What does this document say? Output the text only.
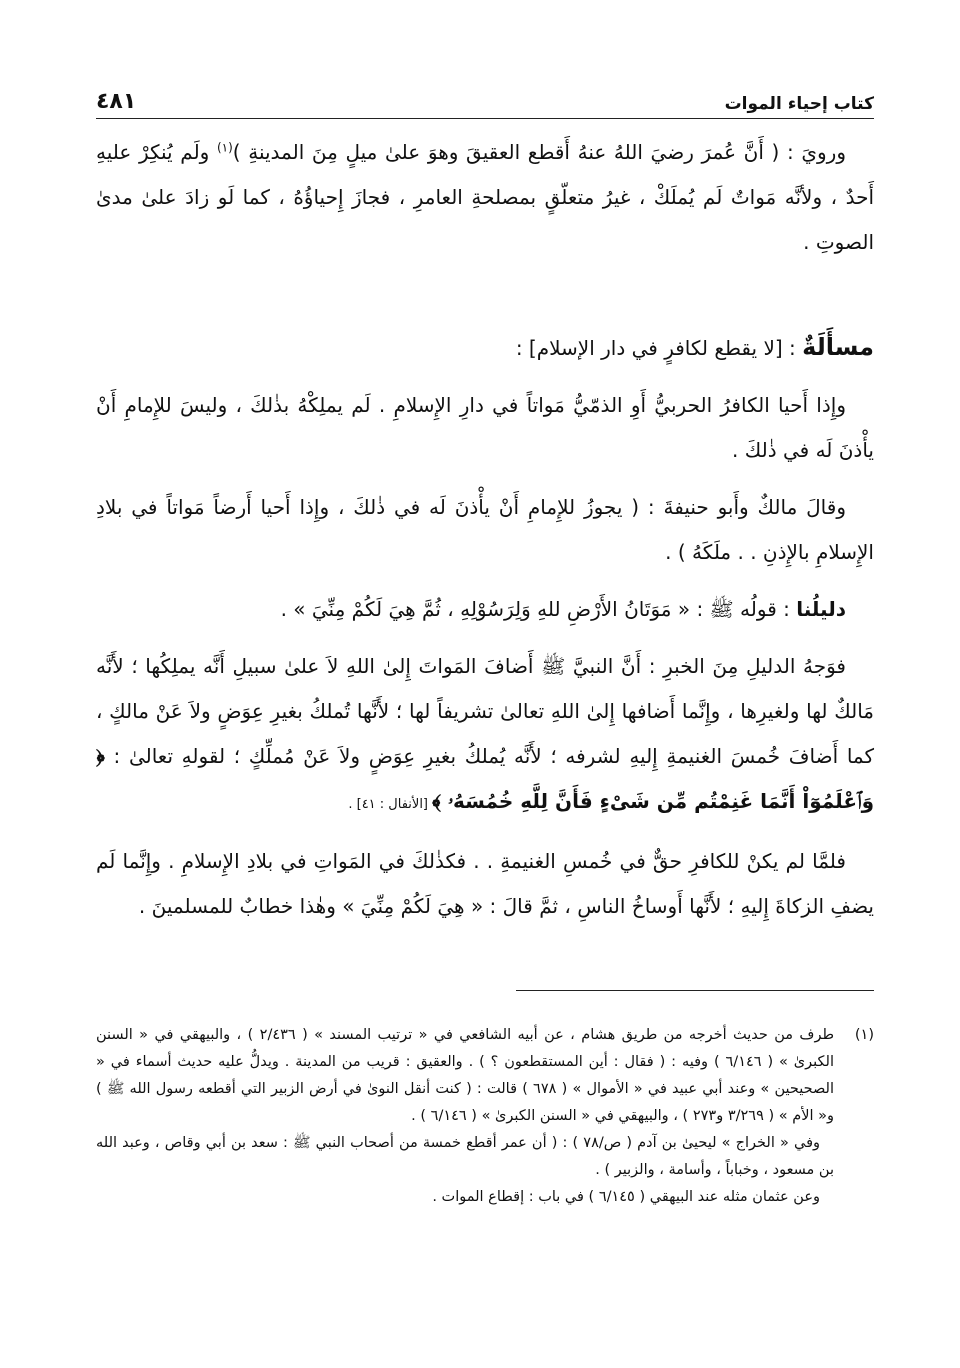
كتاب إحياء الموات
٤٨١

ورويَ : ( أَنَّ عُمرَ رضيَ اللهُ عنهُ أَقطع العقيقَ وهوَ علىٰ ميلٍ مِنَ المدينةِ )$^{(١)}$ ولَم يُنكِرْ عليهِ أَحدٌ ، ولأنَّه مَواتٌ لَم يُملَكْ ، غيرُ متعلّقٍ بمصلحةِ العامرِ ، فجازَ إِحياؤُهُ ، كما لَو زادَ علىٰ مدىٰ الصوتِ .

مسأَلَةٌ : [لا يقطع لكافرٍ في دار الإسلام] :

وإِذا أَحيا الكافرُ الحربيُّ أَوِ الذمّيُّ مَواتاً في دارِ الإِسلامِ . لَم يملِكْهُ بذٰلكَ ، وليسَ للإِمامِ أَنْ يأْذنَ لَه في ذٰلكَ .

وقالَ مالكٌ وأَبو حنيفةَ : ( يجوزُ للإِمامِ أَنْ يأْذنَ لَه في ذٰلكَ ، وإِذا أَحيا أَرضاً مَواتاً في بلادِ الإِسلامِ بالإِذنِ . . ملَكَهُ ) .

دليلُنا : قولُه ﷺ : « مَوَتَانُ الأَرْضِ للهِ وَلِرَسُوْلِهِ ، ثُمَّ هِيَ لَكُمْ مِنِّيَ » .

فوَجهُ الدليلِ مِنَ الخبرِ : أَنَّ النبيَّ ﷺ أَضافَ المَواتَ إِلىٰ اللهِ لاَ علىٰ سبيلِ أَنَّه يملِكُها ؛ لأَنَّه مَالكٌ لها ولغيرِها ، وإِنَّما أَضافها إِلىٰ اللهِ تعالىٰ تشريفاً لها ؛ لأَنَّها تُملكُ بغيرِ عِوَضٍ ولاَ عَنْ مالكٍ ، كما أَضافَ خُمسَ الغنيمةِ إِليهِ لشرفه ؛ لأَنَّه يُملكُ بغيرِ عِوَضٍ ولاَ عَنْ مُملِّكٍ ؛ لقولهِ تعالىٰ : ﴿ وَٱعْلَمُوٓاْ أَنَّمَا غَنِمْتُم مِّن شَىْءٍ فَأَنَّ لِلَّهِ خُمُسَهُۥ ﴾ [الأنفال : ٤١] .

فلمَّا لم يكنْ للكافرِ حقٌّ في خُمسِ الغنيمةِ . . فكذٰلكَ في المَواتِ في بلادِ الإِسلامِ . وإِنَّما لَم يضفِ الزكاةَ إِليهِ ؛ لأَنَّها أَوساخُ الناسِ ، ثمَّ قالَ : « هِيَ لَكُمْ مِنِّيَ » وهٰذا خطابٌ للمسلمينَ .

(١)
طرف من حديث أخرجه من طريق هشام ، عن أبيه الشافعي في « ترتيب المسند » ( ٢/٤٣٦ ) ، والبيهقي في « السنن الكبرىٰ » ( ٦/١٤٦ ) وفيه : ( فقال : أين المستقطعون ؟ ) . والعقيق : قريب من المدينة . ويدلُّ عليه حديث أسماء في « الصحيحين » وعند أبي عبيد في « الأموال » ( ٦٧٨ ) قالت : ( كنت أنقل النوىٰ في أرض الزبير التي أقطعه رسول الله ﷺ ) و« الأم » ( ٣/٢٦٩ و٢٧٣ ) ، والبيهقي في « السنن الكبرىٰ » ( ٦/١٤٦ ) .

وفي « الخراج » ليحيىٰ بن آدم ( ص/٧٨ ) : ( أن عمر أقطع خمسة من أصحاب النبي ﷺ : سعد بن أبي وقاص ، وعبد الله بن مسعود ، وخباباً ، وأسامة ، والزبير ) .

وعن عثمان مثله عند البيهقي ( ٦/١٤٥ ) في باب : إقطاع الموات .
